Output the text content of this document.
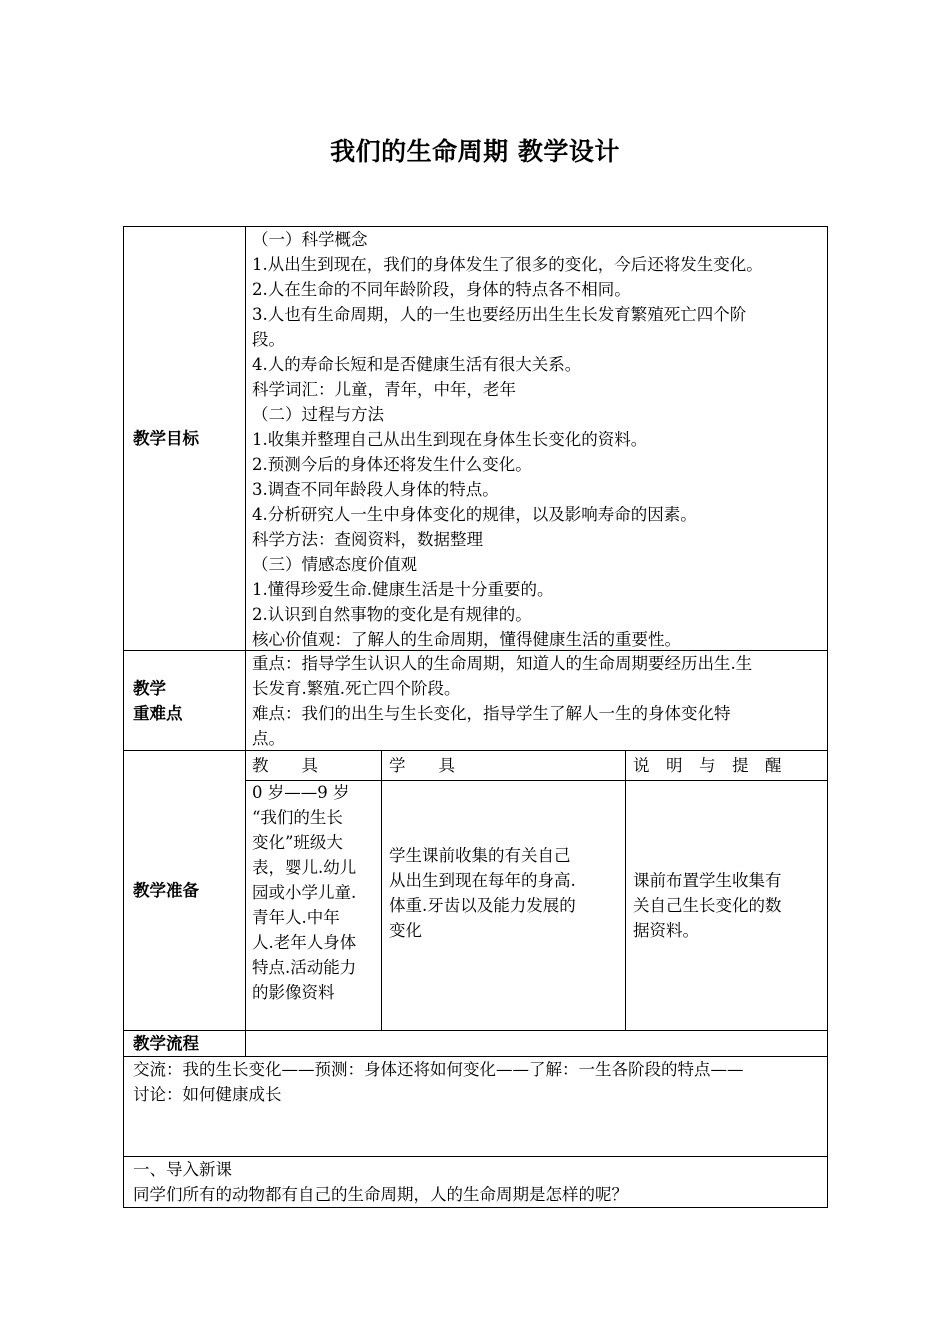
我们的生命周期 教学设计
教学目标
（一）科学概念
1.从出生到现在，我们的身体发生了很多的变化，今后还将发生变化。
2.人在生命的不同年龄阶段，身体的特点各不相同。
3.人也有生命周期，人的一生也要经历出生生长发育繁殖死亡四个阶
段。
4.人的寿命长短和是否健康生活有很大关系。
科学词汇：儿童，青年，中年，老年
（二）过程与方法
1.收集并整理自己从出生到现在身体生长变化的资料。
2.预测今后的身体还将发生什么变化。
3.调查不同年龄段人身体的特点。
4.分析研究人一生中身体变化的规律，以及影响寿命的因素。
科学方法：查阅资料，数据整理
（三）情感态度价值观
1.懂得珍爱生命.健康生活是十分重要的。
2.认识到自然事物的变化是有规律的。
核心价值观：了解人的生命周期，懂得健康生活的重要性。
教学
重难点
重点：指导学生认识人的生命周期，知道人的生命周期要经历出生.生
长发育.繁殖.死亡四个阶段。
难点：我们的出生与生长变化，指导学生了解人一生的身体变化特
点。
教学准备
教　　具	学　　具	说　明　与　提　醒
0 岁——9 岁
“我们的生长
变化”班级大
表，婴儿.幼儿
园或小学儿童.
青年人.中年
人.老年人身体
特点.活动能力
的影像资料
学生课前收集的有关自己
从出生到现在每年的身高.
体重.牙齿以及能力发展的
变化
课前布置学生收集有
关自己生长变化的数
据资料。
教学流程
交流：我的生长变化——预测：身体还将如何变化——了解：一生各阶段的特点——
讨论：如何健康成长
一、导入新课
同学们所有的动物都有自己的生命周期，人的生命周期是怎样的呢？
